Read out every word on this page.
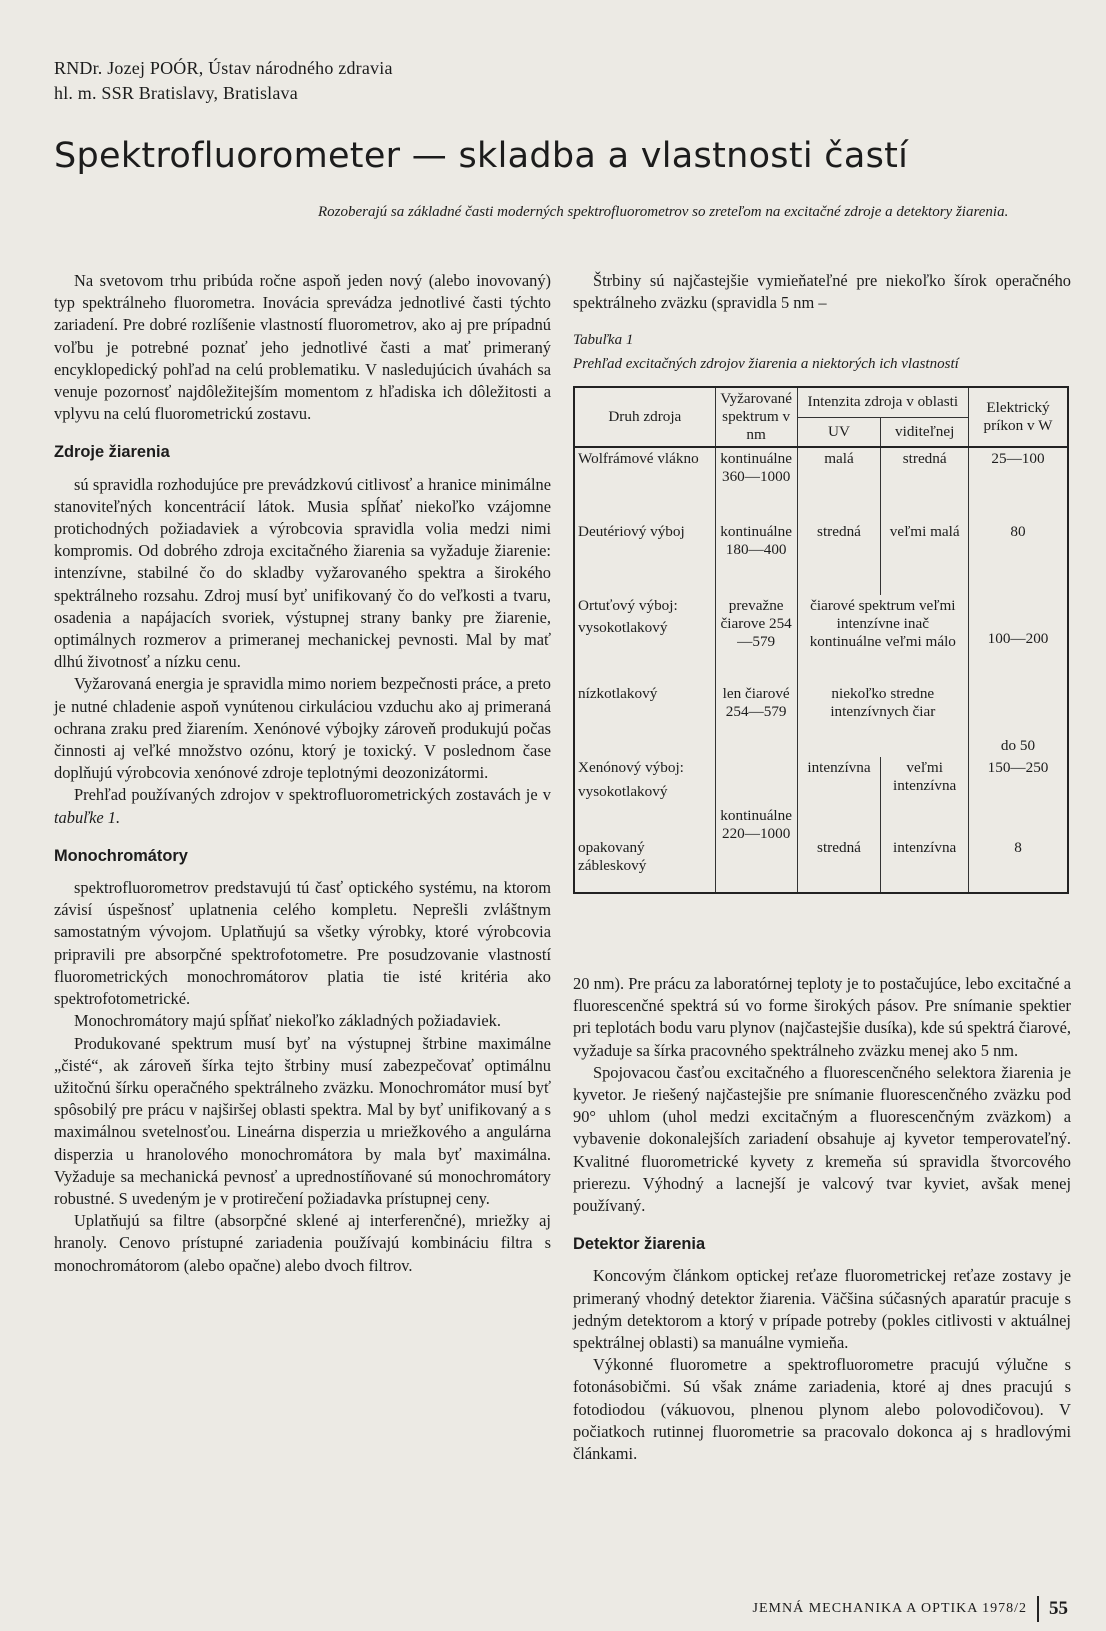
RNDr. Jozej POÓR, Ústav národného zdravia
hl. m. SSR Bratislavy, Bratislava
Spektrofluorometer — skladba a vlastnosti častí
Rozoberajú sa základné časti moderných spektrofluorometrov so zreteľom na excitačné zdroje a detektory žiarenia.

Na svetovom trhu pribúda ročne aspoň jeden nový (alebo inovovaný) typ spektrálneho fluorometra. Inovácia sprevádza jednotlivé časti týchto zariadení. Pre dobré rozlíšenie vlastností fluorometrov, ako aj pre prípadnú voľbu je potrebné poznať jeho jednotlivé časti a mať primeraný encyklopedický pohľad na celú problematiku. V nasledujúcich úvahách sa venuje pozornosť najdôležitejším momentom z hľadiska ich dôležitosti a vplyvu na celú fluorometrickú zostavu.

Zdroje žiarenia

sú spravidla rozhodujúce pre prevádzkovú citlivosť a hranice minimálne stanoviteľných koncentrácií látok. Musia spĺňať niekoľko vzájomne protichodných požiadaviek a výrobcovia spravidla volia medzi nimi kompromis. Od dobrého zdroja excitačného žiarenia sa vyžaduje žiarenie: intenzívne, stabilné čo do skladby vyžarovaného spektra a širokého spektrálneho rozsahu. Zdroj musí byť unifikovaný čo do veľkosti a tvaru, osadenia a napájacích svoriek, výstupnej strany banky pre žiarenie, optimálnych rozmerov a primeranej mechanickej pevnosti. Mal by mať dlhú životnosť a nízku cenu.

Vyžarovaná energia je spravidla mimo noriem bezpečnosti práce, a preto je nutné chladenie aspoň vynútenou cirkuláciou vzduchu ako aj primeraná ochrana zraku pred žiarením. Xenónové výbojky zároveň produkujú počas činnosti aj veľké množstvo ozónu, ktorý je toxický. V poslednom čase doplňujú výrobcovia xenónové zdroje teplotnými deozonizátormi.

Prehľad používaných zdrojov v spektrofluorometrických zostavách je v tabuľke 1.

Monochromátory

spektrofluorometrov predstavujú tú časť optického systému, na ktorom závisí úspešnosť uplatnenia celého kompletu. Neprešli zvláštnym samostatným vývojom. Uplatňujú sa všetky výrobky, ktoré výrobcovia pripravili pre absorpčné spektrofotometre. Pre posudzovanie vlastností fluorometrických monochromátorov platia tie isté kritéria ako spektrofotometrické.

Monochromátory majú spĺňať niekoľko základných požiadaviek.

Produkované spektrum musí byť na výstupnej štrbine maximálne „čisté“, ak zároveň šírka tejto štrbiny musí zabezpečovať optimálnu užitočnú šírku operačného spektrálneho zväzku. Monochromátor musí byť spôsobilý pre prácu v najširšej oblasti spektra. Mal by byť unifikovaný a s maximálnou svetelnosťou. Lineárna disperzia u mriežkového a angulárna disperzia u hranolového monochromátora by mala byť maximálna. Vyžaduje sa mechanická pevnosť a uprednostíňované sú monochromátory robustné. S uvedeným je v protirečení požiadavka prístupnej ceny.

Uplatňujú sa filtre (absorpčné sklené aj interferenčné), mriežky aj hranoly. Cenovo prístupné zariadenia používajú kombináciu filtra s monochromátorom (alebo opačne) alebo dvoch filtrov.

Štrbiny sú najčastejšie vymieňateľné pre niekoľko šírok operačného spektrálneho zväzku (spravidla 5 nm –

Tabuľka 1
Prehľad excitačných zdrojov žiarenia a niektorých ich vlastností
Druh zdroja	Vyžarované spektrum v nm	Intenzita zdroja v oblasti		Elektrický príkon v W
		UV	viditeľnej	
Wolfrámové vlákno	kontinuálne 360—1000	malá	stredná	25—100
Deutériový výboj	kontinuálne 180—400	stredná	veľmi malá	80

Ortuťový výboj:
vysokotlakový	prevažne čiarove 254—579	čiarové spektrum veľmi intenzívne inač kontinuálne veľmi málo		100—200
nízkotlakový	len čiarové 254—579	niekoľko stredne intenzívnych čiar		do 50

Xenónový výboj:
vysokotlakový	kontinuálne 220—1000	intenzívna	veľmi intenzívna	150—250
opakovaný zábleskový		stredná	intenzívna	8

20 nm). Pre prácu za laboratórnej teploty je to postačujúce, lebo excitačné a fluorescenčné spektrá sú vo forme širokých pásov. Pre snímanie spektier pri teplotách bodu varu plynov (najčastejšie dusíka), kde sú spektrá čiarové, vyžaduje sa šírka pracovného spektrálneho zväzku menej ako 5 nm.

Spojovacou časťou excitačného a fluorescenčného selektora žiarenia je kyvetor. Je riešený najčastejšie pre snímanie fluorescenčného zväzku pod 90° uhlom (uhol medzi excitačným a fluorescenčným zväzkom) a vybavenie dokonalejších zariadení obsahuje aj kyvetor temperovateľný. Kvalitné fluorometrické kyvety z kremeňa sú spravidla štvorcového prierezu. Výhodný a lacnejší je valcový tvar kyviet, avšak menej používaný.

Detektor žiarenia

Koncovým článkom optickej reťaze fluorometrickej reťaze zostavy je primeraný vhodný detektor žiarenia. Väčšina súčasných aparatúr pracuje s jedným detektorom a ktorý v prípade potreby (pokles citlivosti v aktuálnej spektrálnej oblasti) sa manuálne vymieňa.

Výkonné fluorometre a spektrofluorometre pracujú výlučne s fotonásobičmi. Sú však známe zariadenia, ktoré aj dnes pracujú s fotodiodou (vákuovou, plnenou plynom alebo polovodičovou). V počiatkoch rutinnej fluorometrie sa pracovalo dokonca aj s hradlovými článkami.

JEMNÁ MECHANIKA A OPTIKA 1978/2 55
